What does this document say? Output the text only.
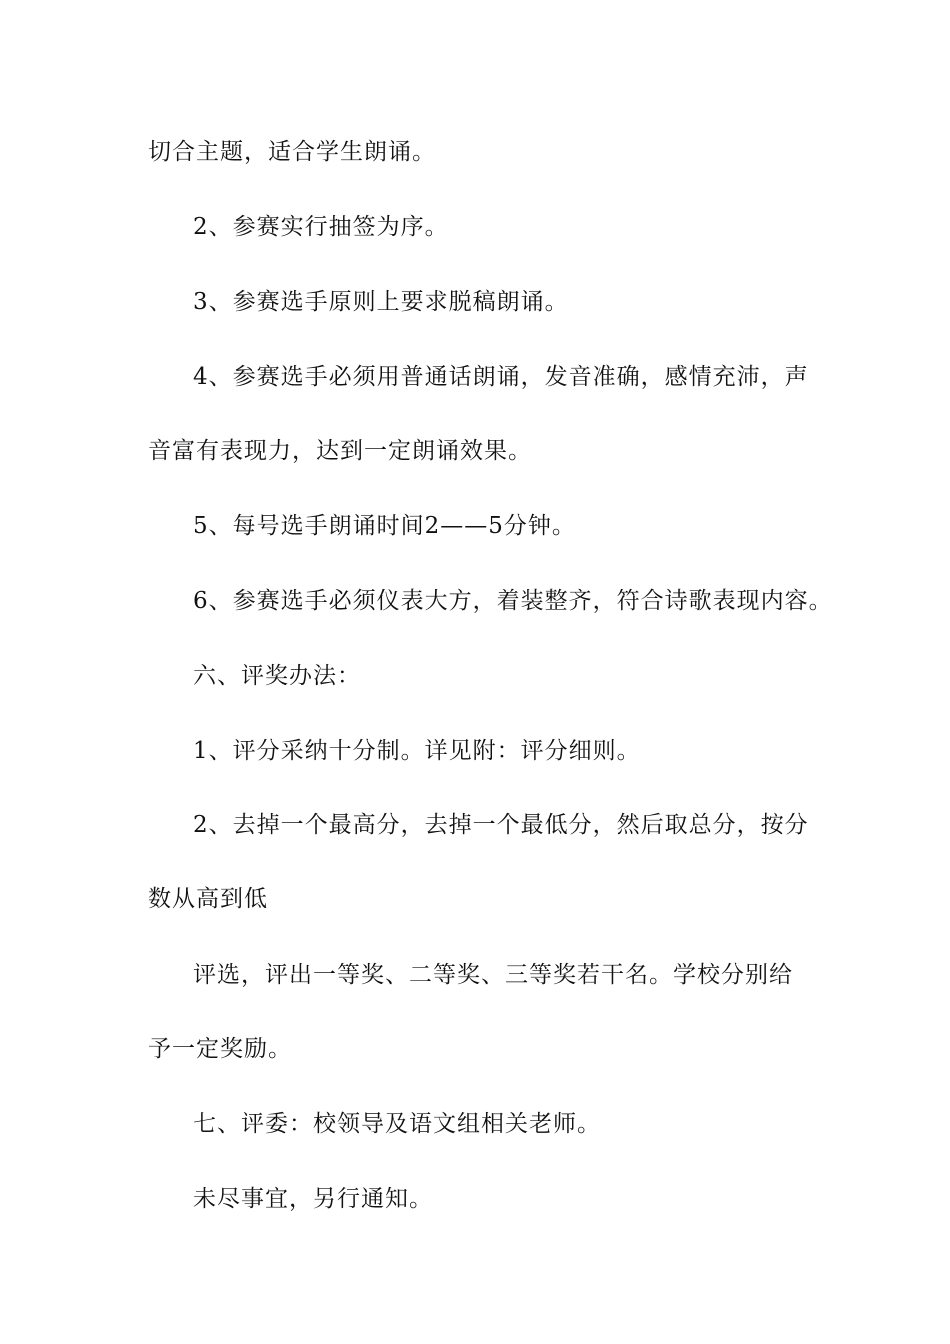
切合主题，适合学生朗诵。
2、参赛实行抽签为序。
3、参赛选手原则上要求脱稿朗诵。
4、参赛选手必须用普通话朗诵，发音准确，感情充沛，声
音富有表现力，达到一定朗诵效果。
5、每号选手朗诵时间2——5分钟。
6、参赛选手必须仪表大方，着装整齐，符合诗歌表现内容。
六、评奖办法：
1、评分采纳十分制。详见附：评分细则。
2、去掉一个最高分，去掉一个最低分，然后取总分，按分
数从高到低
评选，评出一等奖、二等奖、三等奖若干名。学校分别给
予一定奖励。
七、评委：校领导及语文组相关老师。
未尽事宜，另行通知。
